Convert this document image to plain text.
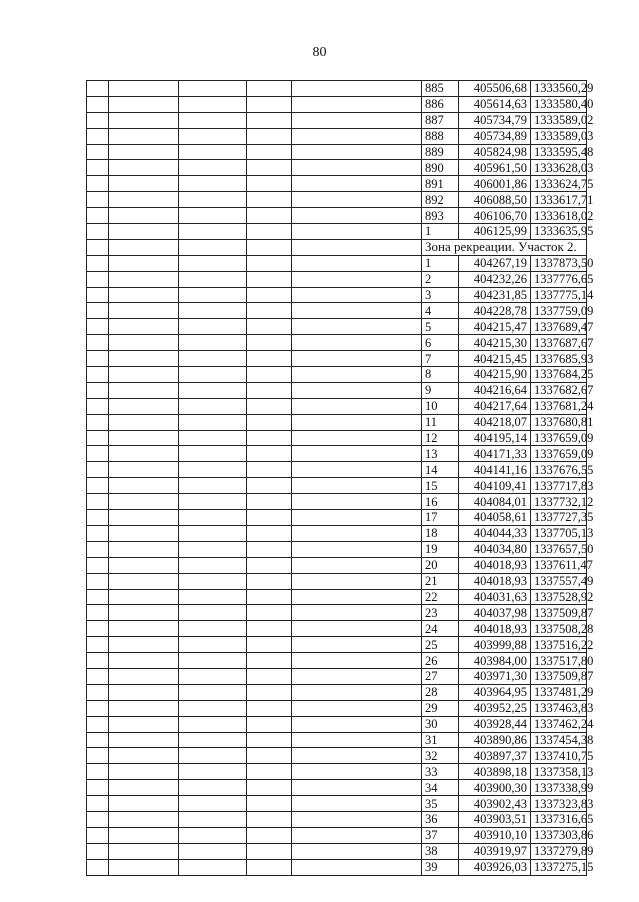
80
					885	405506,68	1333560,29
					886	405614,63	1333580,40
					887	405734,79	1333589,02
					888	405734,89	1333589,03
					889	405824,98	1333595,48
					890	405961,50	1333628,03
					891	406001,86	1333624,75
					892	406088,50	1333617,71
					893	406106,70	1333618,02
					1	406125,99	1333635,95
					Зона рекреации. Участок 2.		
					1	404267,19	1337873,50
					2	404232,26	1337776,65
					3	404231,85	1337775,14
					4	404228,78	1337759,09
					5	404215,47	1337689,47
					6	404215,30	1337687,67
					7	404215,45	1337685,93
					8	404215,90	1337684,25
					9	404216,64	1337682,67
					10	404217,64	1337681,24
					11	404218,07	1337680,81
					12	404195,14	1337659,09
					13	404171,33	1337659,09
					14	404141,16	1337676,55
					15	404109,41	1337717,83
					16	404084,01	1337732,12
					17	404058,61	1337727,35
					18	404044,33	1337705,13
					19	404034,80	1337657,50
					20	404018,93	1337611,47
					21	404018,93	1337557,49
					22	404031,63	1337528,92
					23	404037,98	1337509,87
					24	404018,93	1337508,28
					25	403999,88	1337516,22
					26	403984,00	1337517,80
					27	403971,30	1337509,87
					28	403964,95	1337481,29
					29	403952,25	1337463,83
					30	403928,44	1337462,24
					31	403890,86	1337454,38
					32	403897,37	1337410,75
					33	403898,18	1337358,13
					34	403900,30	1337338,99
					35	403902,43	1337323,83
					36	403903,51	1337316,65
					37	403910,10	1337303,86
					38	403919,97	1337279,89
					39	403926,03	1337275,15
